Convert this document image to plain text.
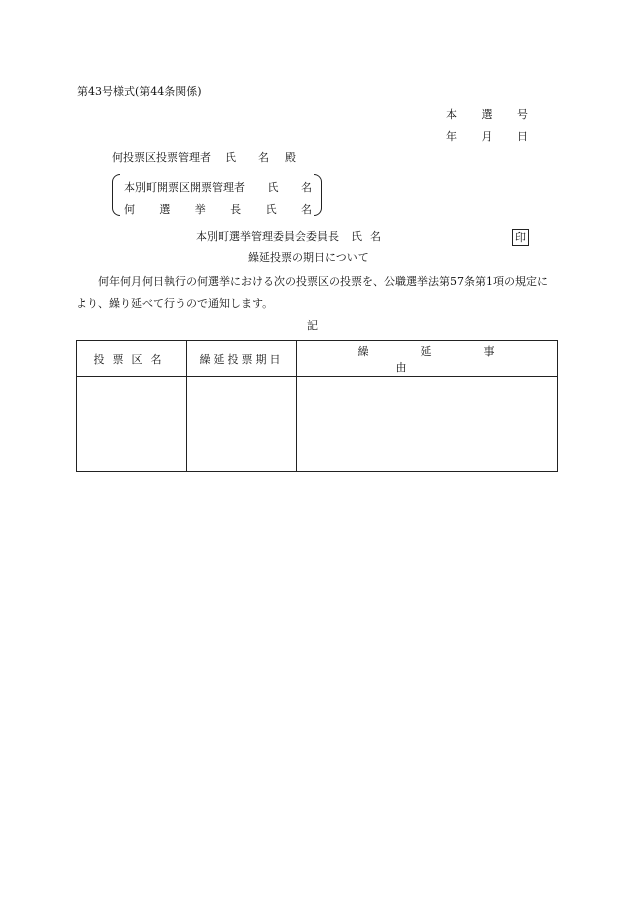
第43号様式(第44条関係)
本 選 号
年 月 日
何投票区投票管理者 氏 名 殿
本別町開票区開票管理者 氏 名
何 選 挙 長 氏 名
本別町選挙管理委員会委員長 氏 名	印
繰延投票の期日について
何年何月何日執行の何選挙における次の投票区の投票を、公職選挙法第57条第1項の規定により、繰り延べて行うので通知します。
記
投票区名	繰延投票期日	繰延事由
